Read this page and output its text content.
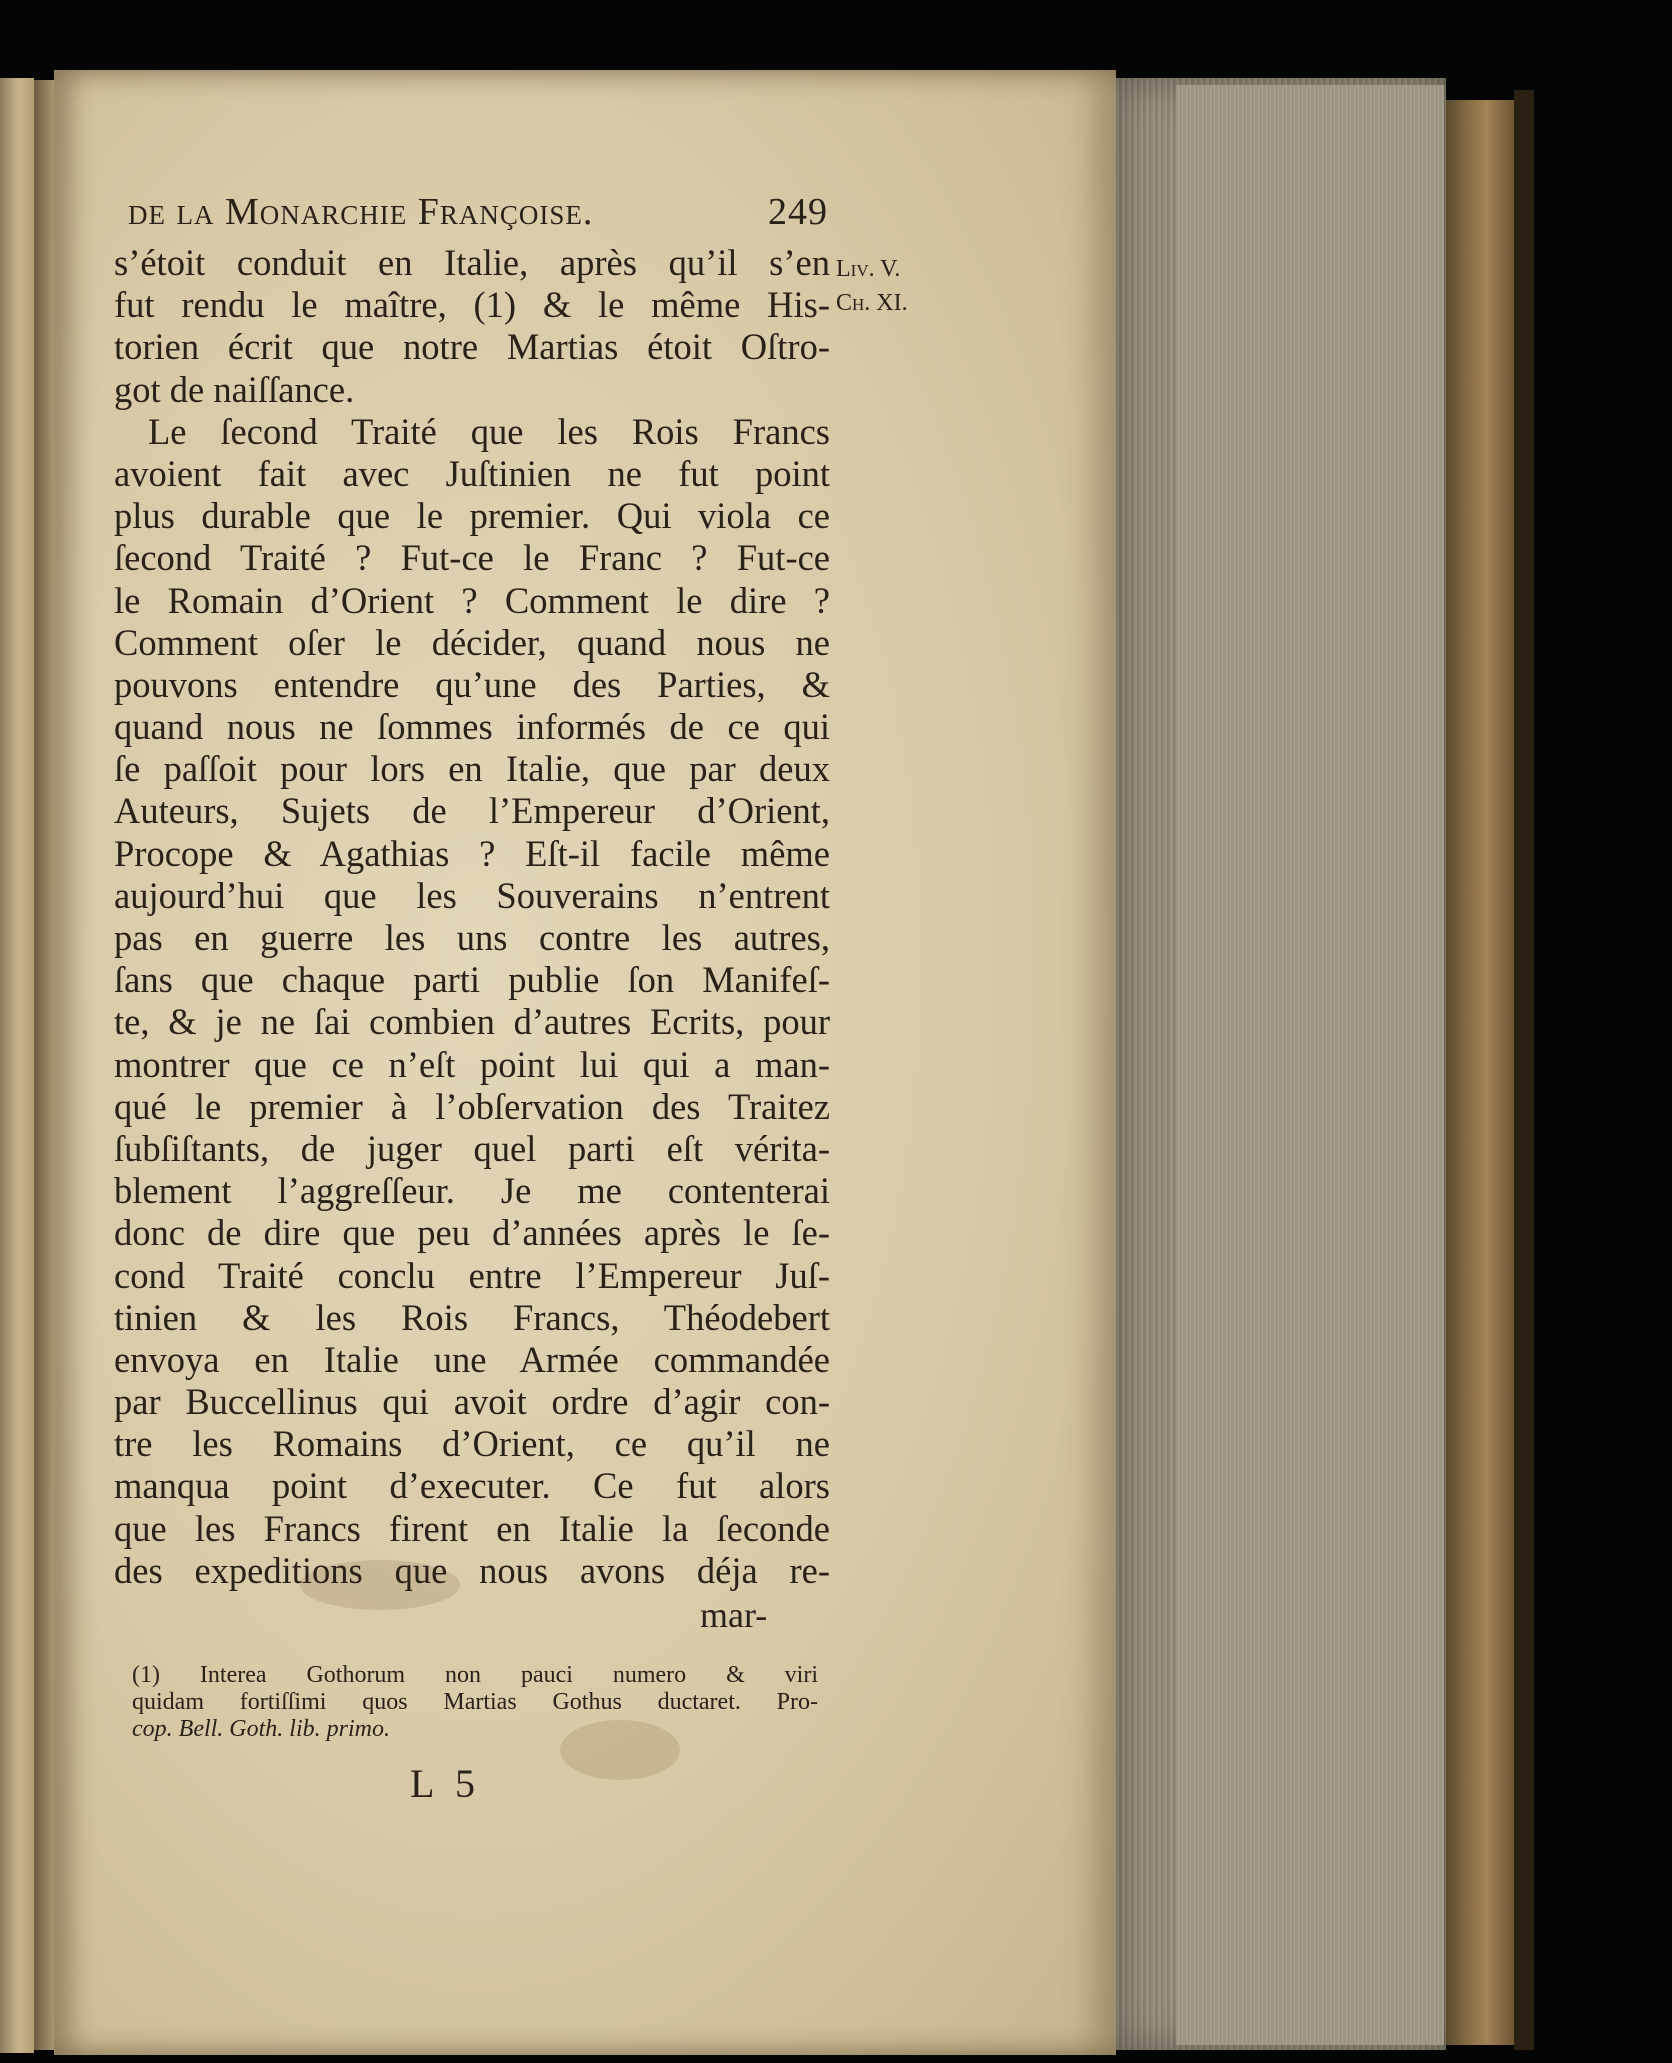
de la Monarchie Françoise.	249
Liv. V.
Ch. XI.
s’étoit conduit en Italie, après qu’il s’en
fut rendu le maître, (1) & le même His-
torien écrit que notre Martias étoit Oſtro-
got de naiſſance.
Le ſecond Traité que les Rois Francs
avoient fait avec Juſtinien ne fut point
plus durable que le premier. Qui viola ce
ſecond Traité ? Fut-ce le Franc ? Fut-ce
le Romain d’Orient ? Comment le dire ?
Comment oſer le décider, quand nous ne
pouvons entendre qu’une des Parties, &
quand nous ne ſommes informés de ce qui
ſe paſſoit pour lors en Italie, que par deux
Auteurs, Sujets de l’Empereur d’Orient,
Procope & Agathias ? Eſt-il facile même
aujourd’hui que les Souverains n’entrent
pas en guerre les uns contre les autres,
ſans que chaque parti publie ſon Manifeſ-
te, & je ne ſai combien d’autres Ecrits, pour
montrer que ce n’eſt point lui qui a man-
qué le premier à l’obſervation des Traitez
ſubſiſtants, de juger quel parti eſt vérita-
blement l’aggreſſeur. Je me contenterai
donc de dire que peu d’années après le ſe-
cond Traité conclu entre l’Empereur Juſ-
tinien & les Rois Francs, Théodebert
envoya en Italie une Armée commandée
par Buccellinus qui avoit ordre d’agir con-
tre les Romains d’Orient, ce qu’il ne
manqua point d’executer. Ce fut alors
que les Francs firent en Italie la ſeconde
des expeditions que nous avons déja re-
mar-
(1) Interea Gothorum non pauci numero & viri
quidam fortiſſimi quos Martias Gothus ductaret. Pro-
cop. Bell. Goth. lib. primo.
L 5
